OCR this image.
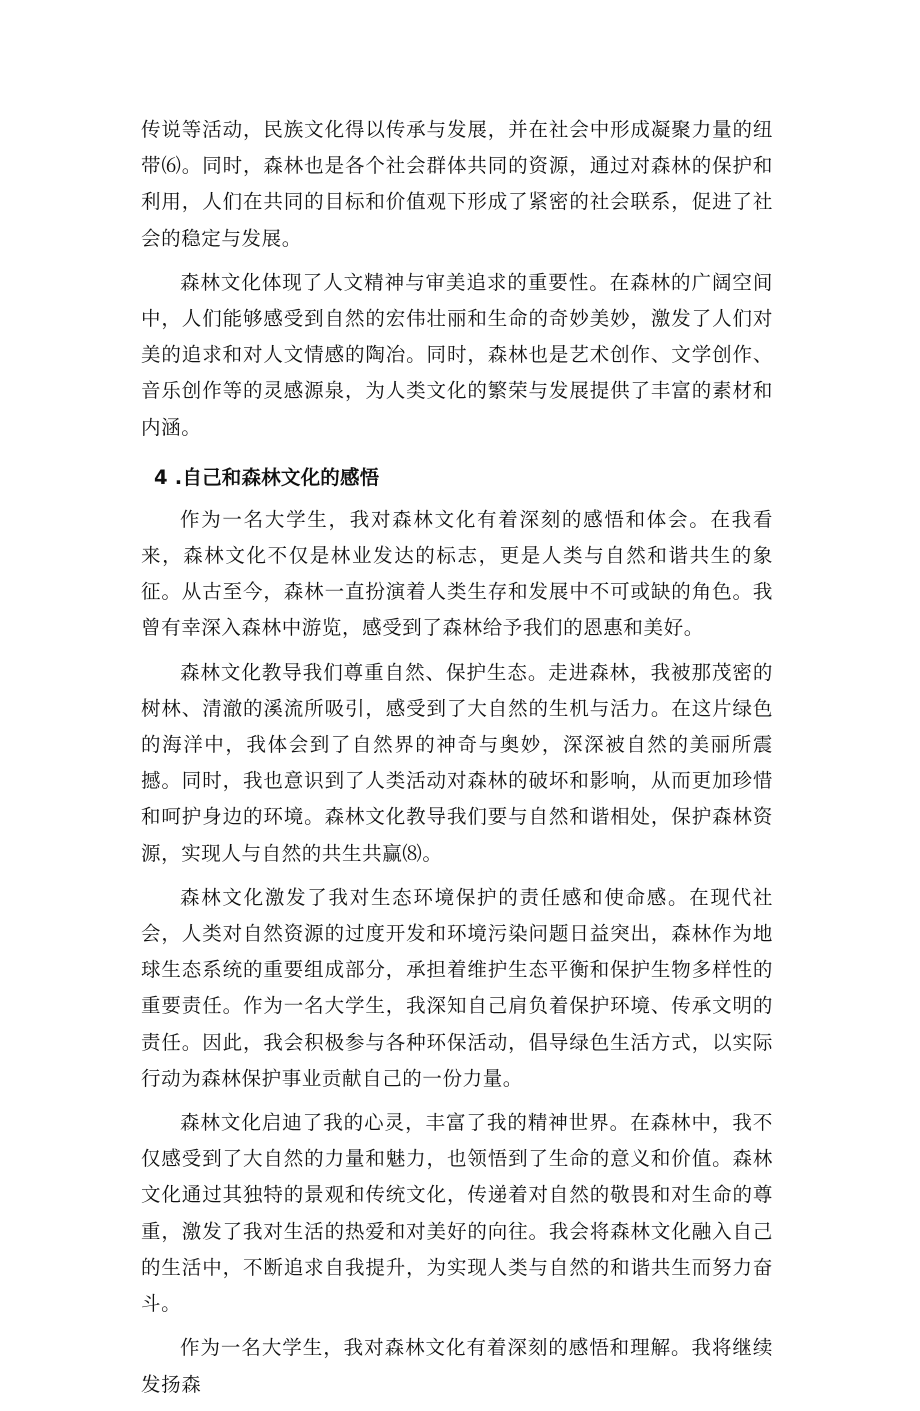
传说等活动，民族文化得以传承与发展，并在社会中形成凝聚力量的纽带⑹。同时，森林也是各个社会群体共同的资源，通过对森林的保护和利用，人们在共同的目标和价值观下形成了紧密的社会联系，促进了社会的稳定与发展。

森林文化体现了人文精神与审美追求的重要性。在森林的广阔空间中，人们能够感受到自然的宏伟壮丽和生命的奇妙美妙，激发了人们对美的追求和对人文情感的陶冶。同时，森林也是艺术创作、文学创作、音乐创作等的灵感源泉，为人类文化的繁荣与发展提供了丰富的素材和内涵。

4 .自己和森林文化的感悟

作为一名大学生，我对森林文化有着深刻的感悟和体会。在我看来，森林文化不仅是林业发达的标志，更是人类与自然和谐共生的象征。从古至今，森林一直扮演着人类生存和发展中不可或缺的角色。我曾有幸深入森林中游览，感受到了森林给予我们的恩惠和美好。

森林文化教导我们尊重自然、保护生态。走进森林，我被那茂密的树林、清澈的溪流所吸引，感受到了大自然的生机与活力。在这片绿色的海洋中，我体会到了自然界的神奇与奥妙，深深被自然的美丽所震撼。同时，我也意识到了人类活动对森林的破坏和影响，从而更加珍惜和呵护身边的环境。森林文化教导我们要与自然和谐相处，保护森林资源，实现人与自然的共生共赢⑻。

森林文化激发了我对生态环境保护的责任感和使命感。在现代社会，人类对自然资源的过度开发和环境污染问题日益突出，森林作为地球生态系统的重要组成部分，承担着维护生态平衡和保护生物多样性的重要责任。作为一名大学生，我深知自己肩负着保护环境、传承文明的责任。因此，我会积极参与各种环保活动，倡导绿色生活方式，以实际行动为森林保护事业贡献自己的一份力量。

森林文化启迪了我的心灵，丰富了我的精神世界。在森林中，我不仅感受到了大自然的力量和魅力，也领悟到了生命的意义和价值。森林文化通过其独特的景观和传统文化，传递着对自然的敬畏和对生命的尊重，激发了我对生活的热爱和对美好的向往。我会将森林文化融入自己的生活中，不断追求自我提升，为实现人类与自然的和谐共生而努力奋斗。

作为一名大学生，我对森林文化有着深刻的感悟和理解。我将继续发扬森
